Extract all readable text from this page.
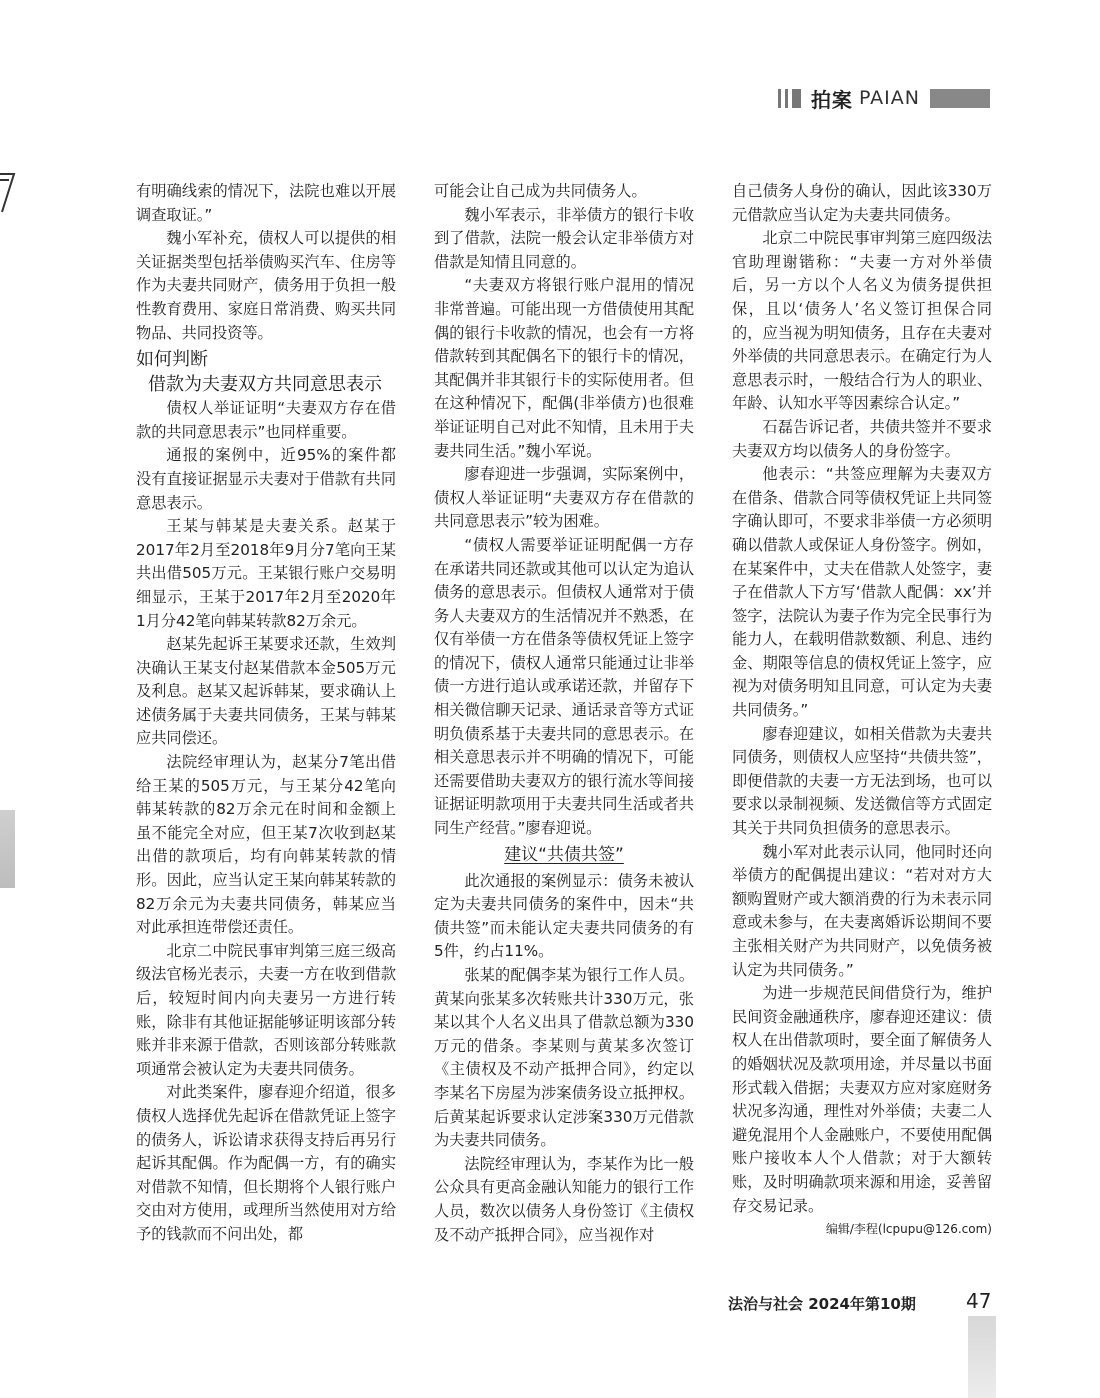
拍案 PAIAN

有明确线索的情况下，法院也难以开展调查取证。”

魏小军补充，债权人可以提供的相关证据类型包括举债购买汽车、住房等作为夫妻共同财产，债务用于负担一般性教育费用、家庭日常消费、购买共同物品、共同投资等。

如何判断
借款为夫妻双方共同意思表示

债权人举证证明“夫妻双方存在借款的共同意思表示”也同样重要。

通报的案例中，近95%的案件都没有直接证据显示夫妻对于借款有共同意思表示。

王某与韩某是夫妻关系。赵某于2017年2月至2018年9月分7笔向王某共出借505万元。王某银行账户交易明细显示，王某于2017年2月至2020年1月分42笔向韩某转款82万余元。

赵某先起诉王某要求还款，生效判决确认王某支付赵某借款本金505万元及利息。赵某又起诉韩某，要求确认上述债务属于夫妻共同债务，王某与韩某应共同偿还。

法院经审理认为，赵某分7笔出借给王某的505万元，与王某分42笔向韩某转款的82万余元在时间和金额上虽不能完全对应，但王某7次收到赵某出借的款项后，均有向韩某转款的情形。因此，应当认定王某向韩某转款的82万余元为夫妻共同债务，韩某应当对此承担连带偿还责任。

北京二中院民事审判第三庭三级高级法官杨光表示，夫妻一方在收到借款后，较短时间内向夫妻另一方进行转账，除非有其他证据能够证明该部分转账并非来源于借款，否则该部分转账款项通常会被认定为夫妻共同债务。

对此类案件，廖春迎介绍道，很多债权人选择优先起诉在借款凭证上签字的债务人，诉讼请求获得支持后再另行起诉其配偶。作为配偶一方，有的确实对借款不知情，但长期将个人银行账户交由对方使用，或理所当然使用对方给予的钱款而不问出处，都

可能会让自己成为共同债务人。

魏小军表示，非举债方的银行卡收到了借款，法院一般会认定非举债方对借款是知情且同意的。

“夫妻双方将银行账户混用的情况非常普遍。可能出现一方借债使用其配偶的银行卡收款的情况，也会有一方将借款转到其配偶名下的银行卡的情况，其配偶并非其银行卡的实际使用者。但在这种情况下，配偶(非举债方)也很难举证证明自己对此不知情，且未用于夫妻共同生活。”魏小军说。

廖春迎进一步强调，实际案例中，债权人举证证明“夫妻双方存在借款的共同意思表示”较为困难。

“债权人需要举证证明配偶一方存在承诺共同还款或其他可以认定为追认债务的意思表示。但债权人通常对于债务人夫妻双方的生活情况并不熟悉，在仅有举债一方在借条等债权凭证上签字的情况下，债权人通常只能通过让非举债一方进行追认或承诺还款，并留存下相关微信聊天记录、通话录音等方式证明负债系基于夫妻共同的意思表示。在相关意思表示并不明确的情况下，可能还需要借助夫妻双方的银行流水等间接证据证明款项用于夫妻共同生活或者共同生产经营。”廖春迎说。

建议“共债共签”

此次通报的案例显示：债务未被认定为夫妻共同债务的案件中，因未“共债共签”而未能认定夫妻共同债务的有5件，约占11%。

张某的配偶李某为银行工作人员。黄某向张某多次转账共计330万元，张某以其个人名义出具了借款总额为330万元的借条。李某则与黄某多次签订《主债权及不动产抵押合同》，约定以李某名下房屋为涉案债务设立抵押权。后黄某起诉要求认定涉案330万元借款为夫妻共同债务。

法院经审理认为，李某作为比一般公众具有更高金融认知能力的银行工作人员，数次以债务人身份签订《主债权及不动产抵押合同》，应当视作对

自己债务人身份的确认，因此该330万元借款应当认定为夫妻共同债务。

北京二中院民事审判第三庭四级法官助理谢锴称：“夫妻一方对外举债后，另一方以个人名义为债务提供担保，且以‘债务人’名义签订担保合同的，应当视为明知债务，且存在夫妻对外举债的共同意思表示。在确定行为人意思表示时，一般结合行为人的职业、年龄、认知水平等因素综合认定。”

石磊告诉记者，共债共签并不要求夫妻双方均以债务人的身份签字。

他表示：“共签应理解为夫妻双方在借条、借款合同等债权凭证上共同签字确认即可，不要求非举债一方必须明确以借款人或保证人身份签字。例如，在某案件中，丈夫在借款人处签字，妻子在借款人下方写‘借款人配偶：xx’并签字，法院认为妻子作为完全民事行为能力人，在载明借款数额、利息、违约金、期限等信息的债权凭证上签字，应视为对债务明知且同意，可认定为夫妻共同债务。”

廖春迎建议，如相关借款为夫妻共同债务，则债权人应坚持“共债共签”，即便借款的夫妻一方无法到场，也可以要求以录制视频、发送微信等方式固定其关于共同负担债务的意思表示。

魏小军对此表示认同，他同时还向举债方的配偶提出建议：“若对对方大额购置财产或大额消费的行为未表示同意或未参与，在夫妻离婚诉讼期间不要主张相关财产为共同财产，以免债务被认定为共同债务。”

为进一步规范民间借贷行为，维护民间资金融通秩序，廖春迎还建议：债权人在出借款项时，要全面了解债务人的婚姻状况及款项用途，并尽量以书面形式载入借据；夫妻双方应对家庭财务状况多沟通，理性对外举债；夫妻二人避免混用个人金融账户，不要使用配偶账户接收本人个人借款；对于大额转账，及时明确款项来源和用途，妥善留存交易记录。

编辑/李程(lcpupu@126.com)
法治与社会 2024年第10期	47
